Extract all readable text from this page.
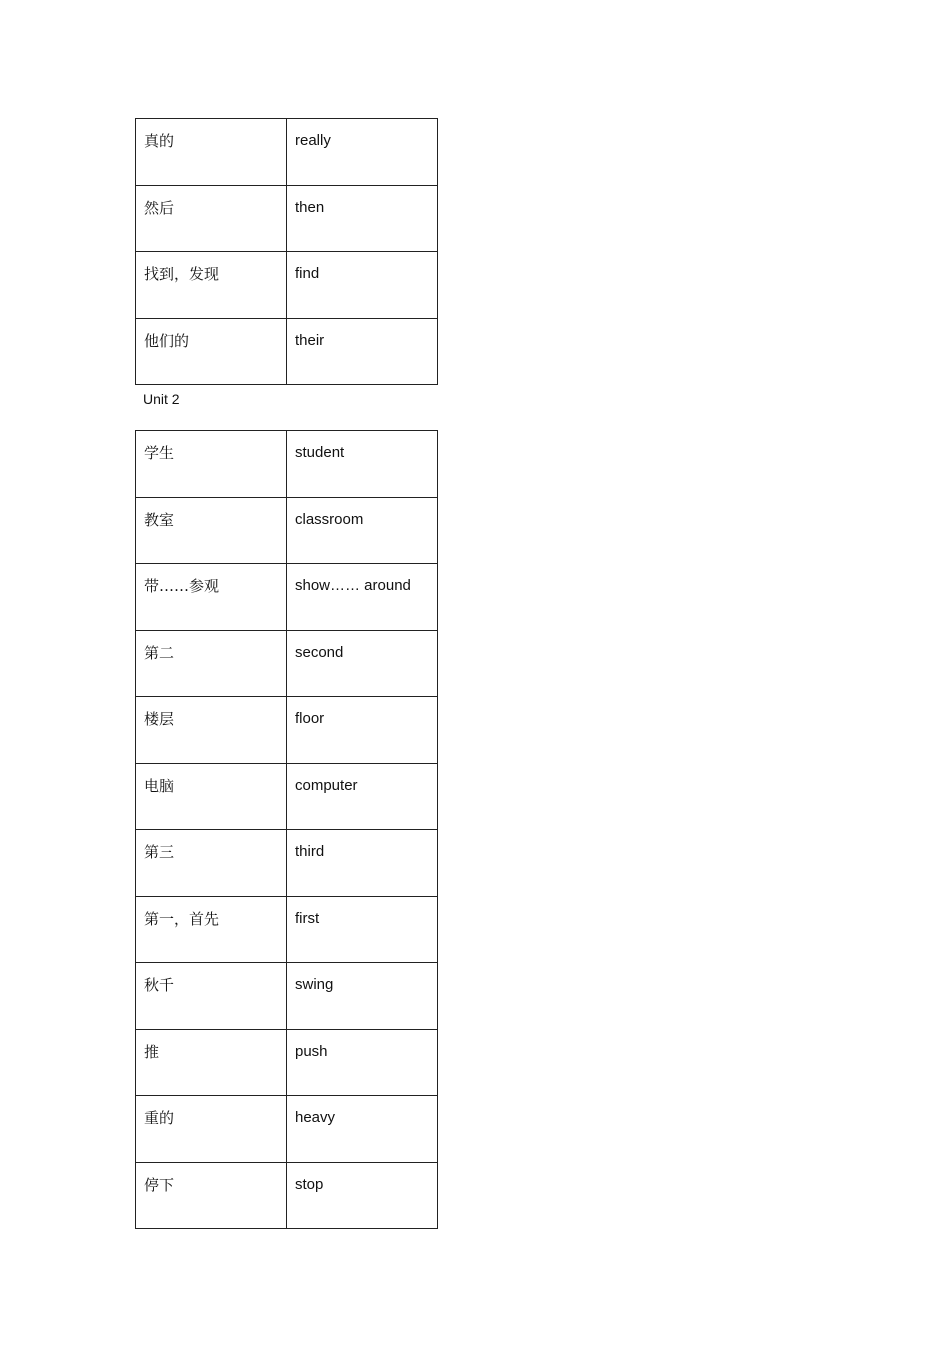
真的	really
然后	then
找到，发现	find
他们的	their
Unit 2
学生	student
教室	classroom
带……参观	show…… around
第二	second
楼层	floor
电脑	computer
第三	third
第一，首先	first
秋千	swing
推	push
重的	heavy
停下	stop
